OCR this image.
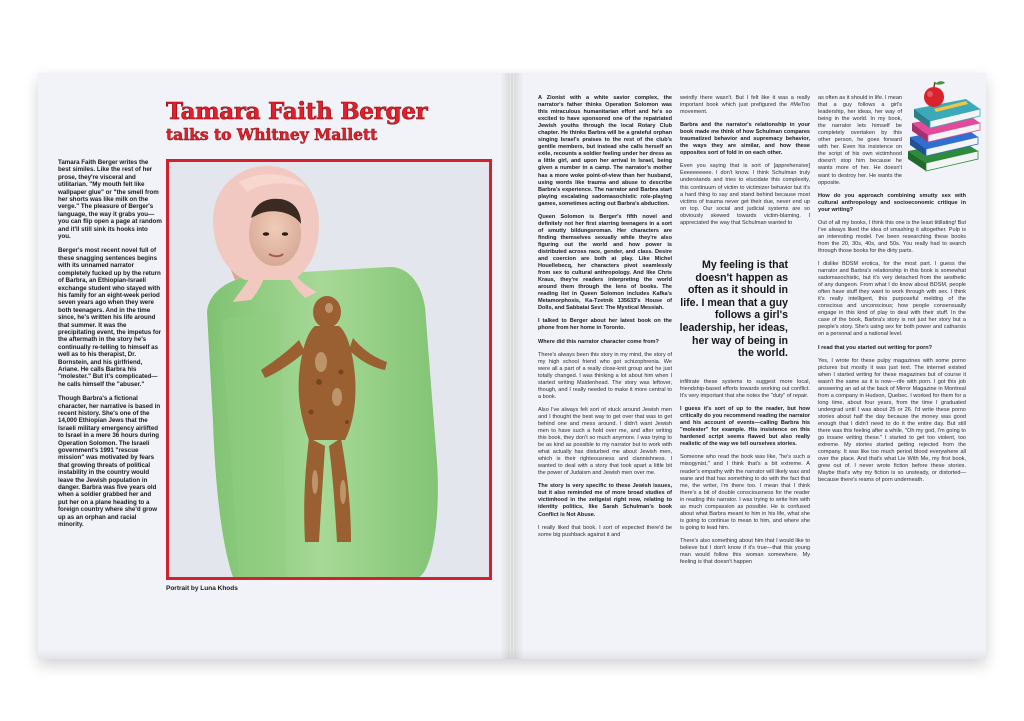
Tamara Faith Berger
talks to Whitney Mallett

Tamara Faith Berger writes the best similes. Like the rest of her prose, they're visceral and utilitarian. "My mouth felt like wallpaper glue" or "the smell from her shorts was like milk on the verge." The pleasure of Berger's language, the way it grabs you—you can flip open a page at random and it'll still sink its hooks into you.

Berger's most recent novel full of these snagging sentences begins with its unnamed narrator completely fucked up by the return of Barbra, an Ethiopian-Israeli exchange student who stayed with his family for an eight-week period seven years ago when they were both teenagers. And in the time since, he's written his life around that summer. It was the precipitating event, the impetus for the aftermath in the story he's continually re-telling to himself as well as to his therapist, Dr. Bornstein, and his girlfriend, Ariane. He calls Barbra his "molester." But it's complicated—he calls himself the "abuser."

Though Barbra's a fictional character, her narrative is based in recent history. She's one of the 14,000 Ethiopian Jews that the Israeli military emergency airlifted to Israel in a mere 36 hours during Operation Solomon. The Israeli government's 1991 "rescue mission" was motivated by fears that growing threats of political instability in the country would leave the Jewish population in danger. Barbra was five years old when a soldier grabbed her and put her on a plane heading to a foreign country where she'd grow up as an orphan and racial minority.

Portrait by Luna Khods

A Zionist with a white savior complex, the narrator's father thinks Operation Solomon was this miraculous humanitarian effort and he's so excited to have sponsored one of the repatriated Jewish youths through the local Rotary Club chapter. He thinks Barbra will be a grateful orphan singing Israel's praises to the rest of the club's gentile members, but instead she calls herself an exile, recounts a soldier feeling under her dress as a little girl, and upon her arrival in Israel, being given a number in a camp. The narrator's mother has a more woke point-of-view than her husband, using words like trauma and abuse to describe Barbra's experience. The narrator and Barbra start playing escalating sadomasochistic role-playing games, sometimes acting out Barbra's abduction.

Queen Solomon is Berger's fifth novel and definitely not her first starring teenagers in a sort of smutty bildungsroman. Her characters are finding themselves sexually while they're also figuring out the world and how power is distributed across race, gender, and class. Desire and coercion are both at play. Like Michel Houellebecq, her characters pivot seamlessly from sex to cultural anthropology. And like Chris Kraus, they're readers interpreting the world around them through the lens of books. The reading list in Queen Solomon includes Kafka's Metamorphosis, Ka-Tzetnik 135633's House of Dolls, and Sabbatai Sevi: The Mystical Messiah.

I talked to Berger about her latest book on the phone from her home in Toronto.

Where did this narrator character come from?

There's always been this story in my mind, the story of my high school friend who got schizophrenia. We were all a part of a really close-knit group and he just totally changed. I was thinking a lot about him when I started writing Maidenhead. The story was leftover, though, and I really needed to make it more central to a book.

Also I've always felt sort of stuck around Jewish men and I thought the best way to get over that was to get behind one and mess around. I didn't want Jewish men to have such a hold over me, and after writing this book, they don't so much anymore. I was trying to be as kind as possible to my narrator but to work with what actually has disturbed me about Jewish men, which is their righteousness and clannishness. I wanted to deal with a story that took apart a little bit the power of Judaism and Jewish men over me.

The story is very specific to these Jewish issues, but it also reminded me of more broad studies of victimhood in the zeitgeist right now, relating to identity politics, like Sarah Schulman's book Conflict is Not Abuse.

I really liked that book. I sort of expected there'd be some big pushback against it and

weirdly there wasn't. But I felt like it was a really important book which just prefigured the #MeToo movement.

Barbra and the narrator's relationship in your book made me think of how Schulman compares traumatized behavior and supremacy behavior, the ways they are similar, and how these opposites sort of fold in on each other.

Even you saying that is sort of [apprehensive] Eeeeeeeeee. I don't know. I think Schulman truly understands and tries to elucidate this complexity, this continuum of victim to victimizer behavior but it's a hard thing to say and stand behind because most victims of trauma never get their due, never end up on top. Our social and judicial systems are so obviously skewed towards victim-blaming. I appreciated the way that Schulman wanted to

My feeling is that doesn't happen as often as it should in life. I mean that a guy follows a girl's leadership, her ideas, her way of being in the world.

infiltrate these systems to suggest more local, friendship-based efforts towards working out conflict. It's very important that she notes the "duty" of repair.

I guess it's sort of up to the reader, but how critically do you recommend reading the narrator and his account of events—calling Barbra his "molester" for example. His insistence on this hardened script seems flawed but also really realistic of the way we tell ourselves stories.

Someone who read the book was like, "he's such a misogynist," and I think that's a bit extreme. A reader's empathy with the narrator will likely wax and wane and that has something to do with the fact that me, the writer, I'm there too. I mean that I think there's a bit of double consciousness for the reader in reading this narrator. I was trying to write him with as much compassion as possible. He is confused about what Barbra meant to him in his life, what she is going to continue to mean to him, and where she is going to lead him.

There's also something about him that I would like to believe but I don't know if it's true—that this young man would follow this woman somewhere. My feeling is that doesn't happen

as often as it should in life. I mean that a guy follows a girl's leadership, her ideas, her way of being in the world. In my book, the narrator lets himself be completely overtaken by this other person, he goes forward with her. Even his insistence on the script of his own victimhood doesn't stop him because he wants more of her. He doesn't want to destroy her. He wants the opposite.

How do you approach combining smutty sex with cultural anthropology and socioeconomic critique in your writing?

Out of all my books, I think this one is the least titillating! But I've always liked the idea of smashing it altogether. Pulp is an interesting model. I've been researching these books from the 20, 30s, 40s, and 50s. You really had to search through those books for the dirty parts.

I dislike BDSM erotica, for the most part. I guess the narrator and Barbra's relationship in this book is somewhat sadomasochistic, but it's very detached from the aesthetic of any dungeon. From what I do know about BDSM, people often have stuff they want to work through with sex. I think it's really intelligent, this purposeful melding of the conscious and unconscious; how people consensually engage in this kind of play to deal with their stuff. In the case of the book, Barbra's story is not just her story but a people's story. She's using sex for both power and catharsis on a personal and a national level.

I read that you started out writing for porn?

Yes, I wrote for these pulpy magazines with some porno pictures but mostly it was just text. The internet existed when I started writing for these magazines but of course it wasn't the same as it is now—rife with porn. I got this job answering an ad at the back of Mirror Magazine in Montreal from a company in Hudson, Quebec. I worked for them for a long time, about four years, from the time I graduated undergrad until I was about 25 or 26. I'd write these porno stories about half the day because the money was good enough that I didn't need to do it the entire day. But still there was this feeling after a while, "Oh my god, I'm going to go insane writing these." I started to get too violent, too extreme. My stories started getting rejected from the company. It was like too much period blood everywhere all over the place. And that's what Lie With Me, my first book, grew out of. I never wrote fiction before these stories. Maybe that's why my fiction is so unsteady, or distorted—because there's reams of porn underneath.
